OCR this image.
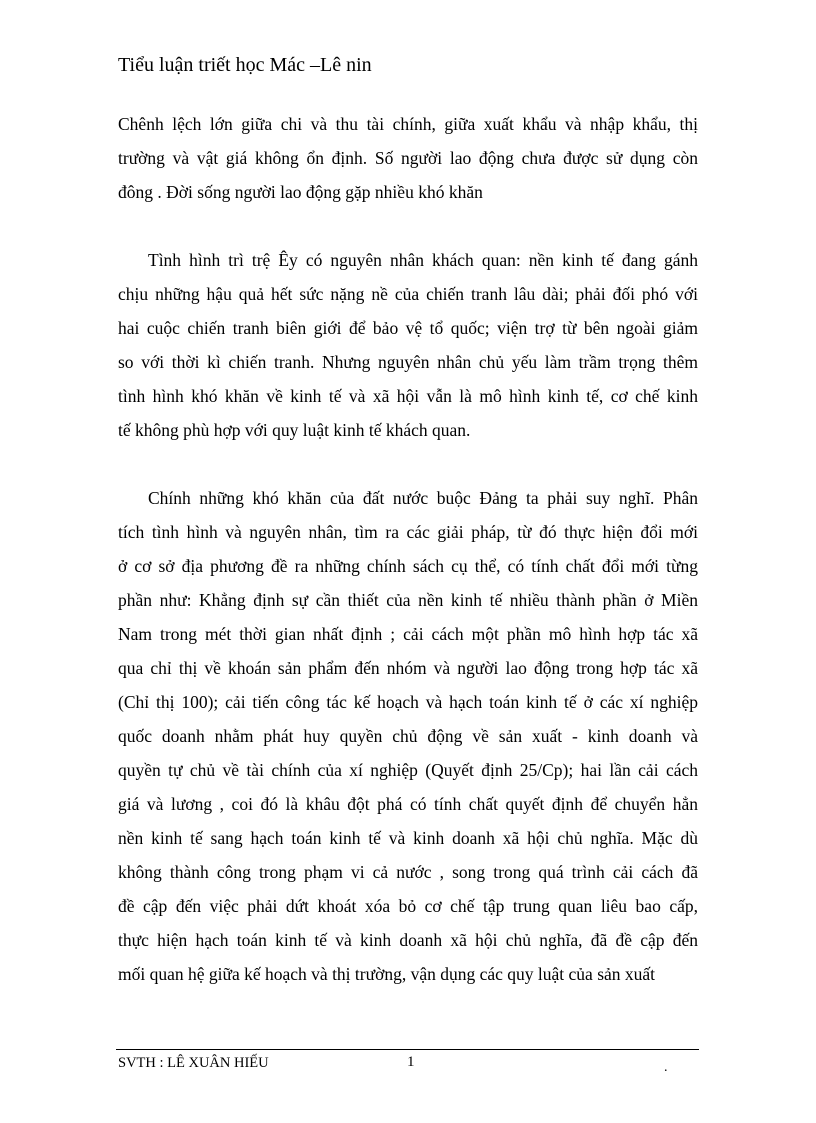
Tiểu luận triết học Mác –Lê nin
Chênh lệch lớn giữa chi và thu tài chính, giữa xuất khẩu và nhập khẩu, thị
trường và vật giá không ổn định. Số người lao động chưa được sử dụng còn
đông . Đời sống người lao động gặp nhiều khó khăn
Tình hình trì trệ Êy có nguyên nhân khách quan: nền kinh tế đang gánh
chịu những hậu quả hết sức nặng nề của chiến tranh lâu dài; phải đối phó với
hai cuộc chiến tranh biên giới để bảo vệ tổ quốc; viện trợ từ bên ngoài giảm
so với thời kì chiến tranh. Nhưng nguyên nhân chủ yếu làm trầm trọng thêm
tình hình khó khăn về kinh tế và xã hội vẫn là mô hình kinh tế, cơ chế kinh
tế không phù hợp với quy luật kinh tế khách quan.
Chính những khó khăn của đất nước buộc Đảng ta phải suy nghĩ. Phân
tích tình hình và nguyên nhân, tìm ra các giải pháp, từ đó thực hiện đổi mới
ở cơ sở địa phương đề ra những chính sách cụ thể, có tính chất đổi mới từng
phần như: Khẳng định sự cần thiết của nền kinh tế nhiều thành phần ở Miền
Nam trong mét thời gian nhất định ; cải cách một phần mô hình hợp tác xã
qua chỉ thị về khoán sản phẩm đến nhóm và người lao động trong hợp tác xã
(Chỉ thị 100); cải tiến công tác kế hoạch và hạch toán kinh tế ở các xí nghiệp
quốc doanh nhằm phát huy quyền chủ động về sản xuất - kinh doanh và
quyền tự chủ về tài chính của xí nghiệp (Quyết định 25/Cp); hai lần cải cách
giá và lương , coi đó là khâu đột phá có tính chất quyết định để chuyển hẳn
nền kinh tế sang hạch toán kinh tế và kinh doanh xã hội chủ nghĩa. Mặc dù
không thành công trong phạm vi cả nước , song trong quá trình cải cách đã
đề cập đến việc phải dứt khoát xóa bỏ cơ chế tập trung quan liêu bao cấp,
thực hiện hạch toán kinh tế và kinh doanh xã hội chủ nghĩa, đã đề cập đến
mối quan hệ giữa kế hoạch và thị trường, vận dụng các quy luật của sản xuất
SVTH : LÊ XUÂN HIẾU	1	.
